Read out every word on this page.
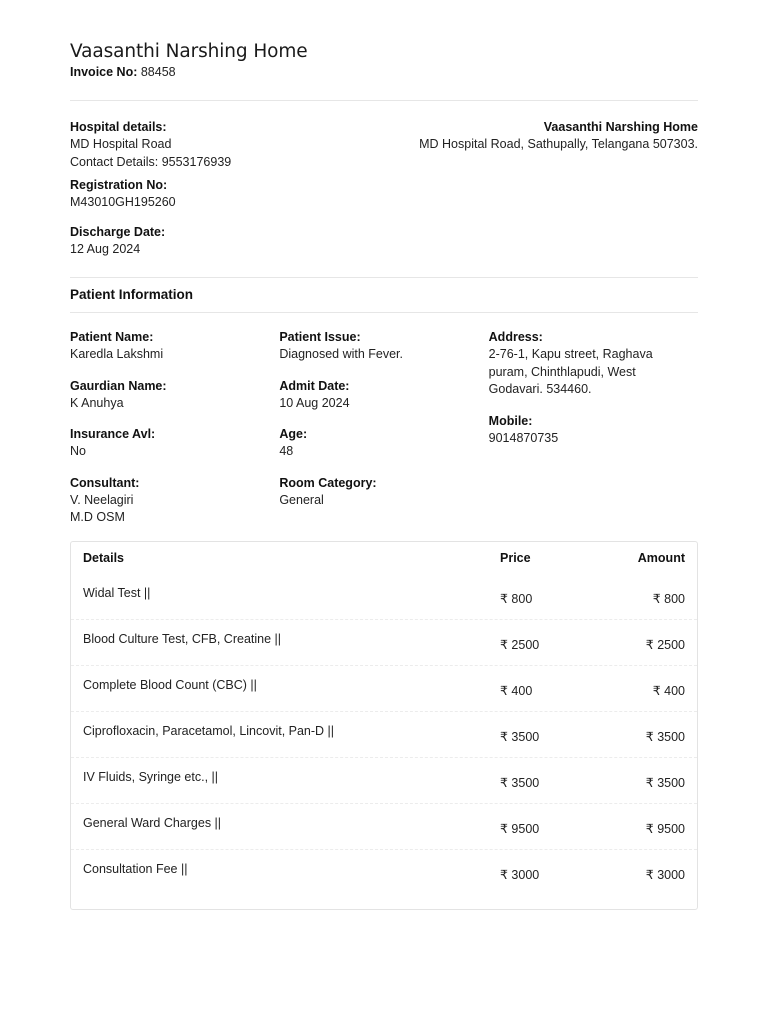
Vaasanthi Narshing Home
Invoice No: 88458
Hospital details:
MD Hospital Road
Contact Details: 9553176939
Registration No:
M43010GH195260
Discharge Date:
12 Aug 2024
Vaasanthi Narshing Home
MD Hospital Road, Sathupally, Telangana 507303.
Patient Information
Patient Name:
Karedla Lakshmi
Gaurdian Name:
K Anuhya
Insurance Avl:
No
Consultant:
V. Neelagiri
M.D OSM
Patient Issue:
Diagnosed with Fever.
Admit Date:
10 Aug 2024
Age:
48
Room Category:
General
Address:
2-76-1, Kapu street, Raghava
puram, Chinthlapudi, West
Godavari. 534460.
Mobile:
9014870735
Details	Price	Amount
Widal Test ||	₹ 800	₹ 800
Blood Culture Test, CFB, Creatine ||	₹ 2500	₹ 2500
Complete Blood Count (CBC) ||	₹ 400	₹ 400
Ciprofloxacin, Paracetamol, Lincovit, Pan-D ||	₹ 3500	₹ 3500
IV Fluids, Syringe etc., ||	₹ 3500	₹ 3500
General Ward Charges ||	₹ 9500	₹ 9500
Consultation Fee ||	₹ 3000	₹ 3000
